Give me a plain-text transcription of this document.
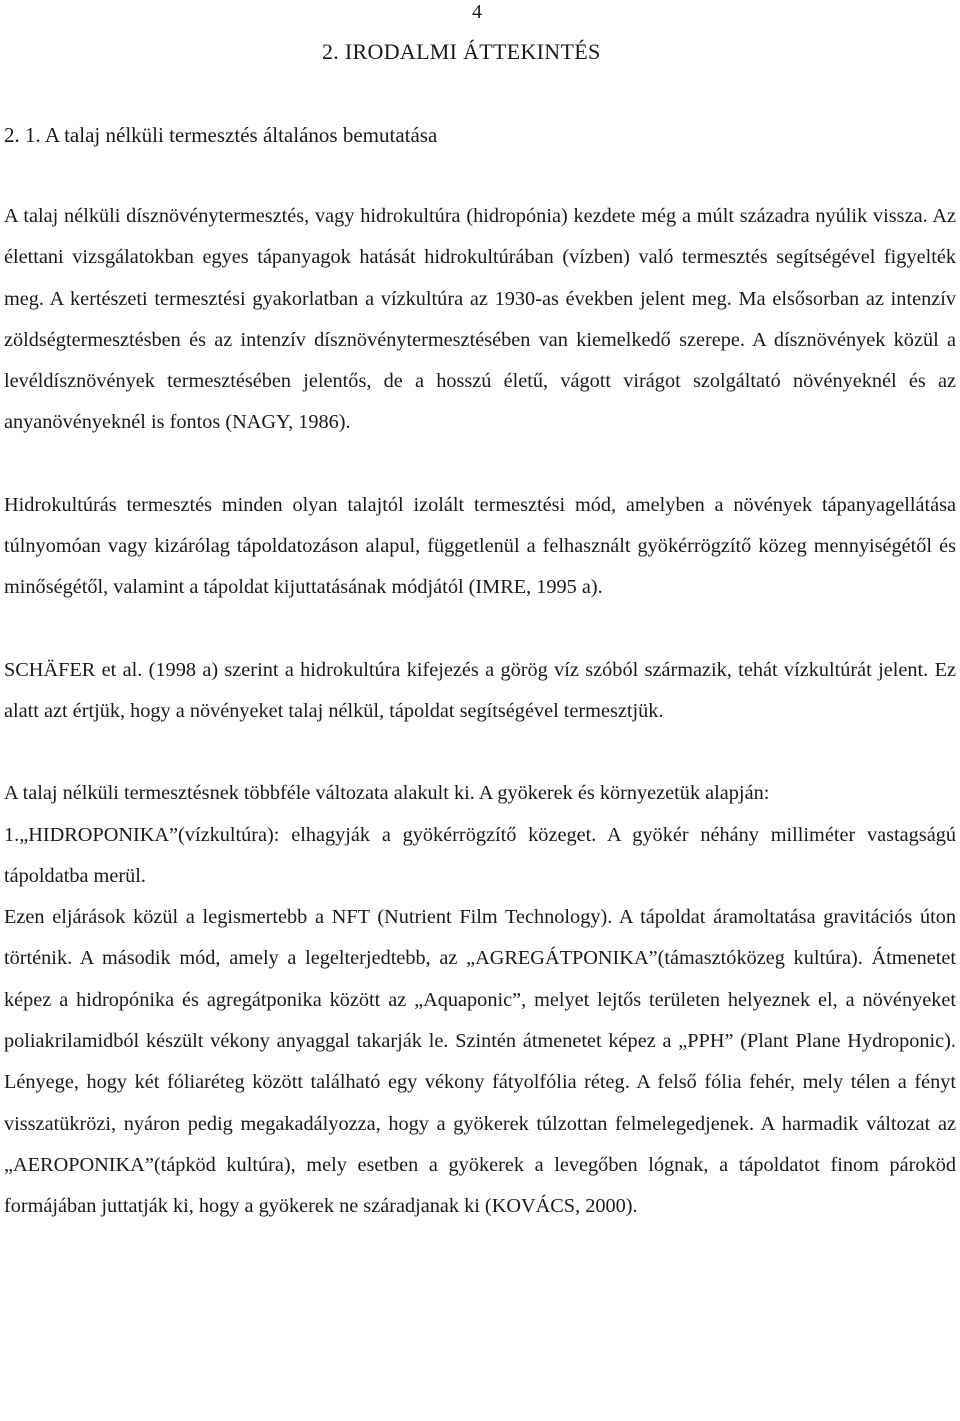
4
2. IRODALMI ÁTTEKINTÉS
2. 1. A talaj nélküli termesztés általános bemutatása

A talaj nélküli dísznövénytermesztés, vagy hidrokultúra (hidropónia) kezdete még a múlt századra nyúlik vissza. Az élettani vizsgálatokban egyes tápanyagok hatását hidrokultúrában (vízben) való termesztés segítségével figyelték meg. A kertészeti termesztési gyakorlatban a vízkultúra az 1930-as években jelent meg. Ma elsősorban az intenzív zöldségtermesztésben és az intenzív dísznövénytermesztésében van kiemelkedő szerepe. A dísznövények közül a levéldísznövények termesztésében jelentős, de a hosszú életű, vágott virágot szolgáltató növényeknél és az anyanövényeknél is fontos (NAGY, 1986).

Hidrokultúrás termesztés minden olyan talajtól izolált termesztési mód, amelyben a növények tápanyagellátása túlnyomóan vagy kizárólag tápoldatozáson alapul, függetlenül a felhasznált gyökérrögzítő közeg mennyiségétől és minőségétől, valamint a tápoldat kijuttatásának módjától (IMRE, 1995 a).

SCHÄFER et al. (1998 a) szerint a hidrokultúra kifejezés a görög víz szóból származik, tehát vízkultúrát jelent. Ez alatt azt értjük, hogy a növényeket talaj nélkül, tápoldat segítségével termesztjük.

A talaj nélküli termesztésnek többféle változata alakult ki. A gyökerek és környezetük alapján:

1.„HIDROPONIKA”(vízkultúra): elhagyják a gyökérrögzítő közeget. A gyökér néhány milliméter vastagságú tápoldatba merül.

Ezen eljárások közül a legismertebb a NFT (Nutrient Film Technology). A tápoldat áramoltatása gravitációs úton történik. A második mód, amely a legelterjedtebb, az „AGREGÁTPONIKA”(támasztóközeg kultúra). Átmenetet képez a hidropónika és agregátponika között az „Aquaponic”, melyet lejtős területen helyeznek el, a növényeket poliakrilamidból készült vékony anyaggal takarják le. Szintén átmenetet képez a „PPH” (Plant Plane Hydroponic). Lényege, hogy két fóliaréteg között található egy vékony fátyolfólia réteg. A felső fólia fehér, mely télen a fényt visszatükrözi, nyáron pedig megakadályozza, hogy a gyökerek túlzottan felmelegedjenek. A harmadik változat az „AEROPONIKA”(tápköd kultúra), mely esetben a gyökerek a levegőben lógnak, a tápoldatot finom pároköd formájában juttatják ki, hogy a gyökerek ne száradjanak ki (KOVÁCS, 2000).
